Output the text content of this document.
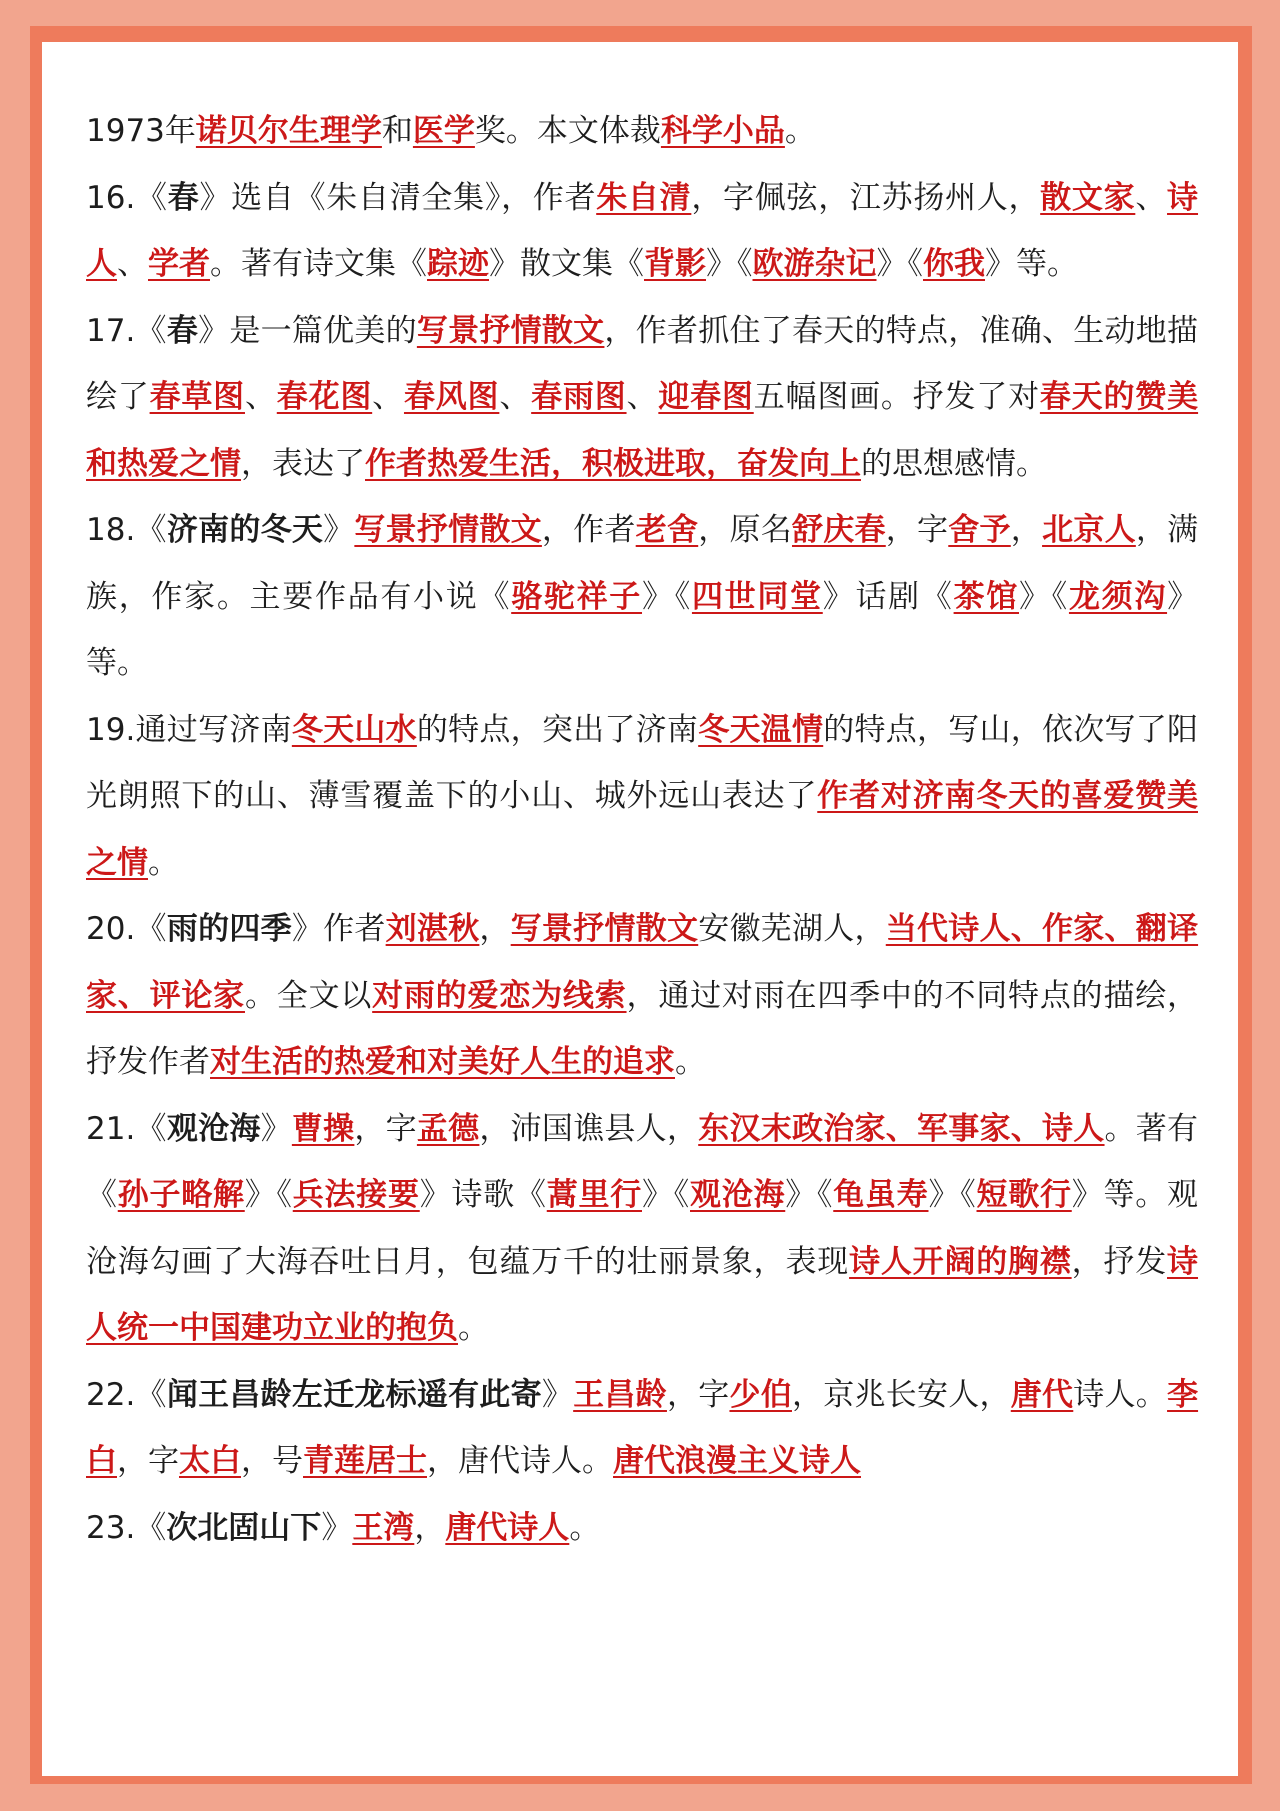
1973年诺贝尔生理学和医学奖。本文体裁科学小品。

16.《春》选自《朱自清全集》，作者朱自清，字佩弦，江苏扬州人，散文家、诗人、学者。著有诗文集《踪迹》散文集《背影》《欧游杂记》《你我》等。

17.《春》是一篇优美的写景抒情散文，作者抓住了春天的特点，准确、生动地描绘了春草图、春花图、春风图、春雨图、迎春图五幅图画。抒发了对春天的赞美和热爱之情，表达了作者热爱生活，积极进取，奋发向上的思想感情。

18.《济南的冬天》写景抒情散文，作者老舍，原名舒庆春，字舍予，北京人，满族，作家。主要作品有小说《骆驼祥子》《四世同堂》话剧《茶馆》《龙须沟》等。

19.通过写济南冬天山水的特点，突出了济南冬天温情的特点，写山，依次写了阳光朗照下的山、薄雪覆盖下的小山、城外远山表达了作者对济南冬天的喜爱赞美之情。

20.《雨的四季》作者刘湛秋，写景抒情散文安徽芜湖人，当代诗人、作家、翻译家、评论家。全文以对雨的爱恋为线索，通过对雨在四季中的不同特点的描绘，抒发作者对生活的热爱和对美好人生的追求。

21.《观沧海》曹操，字孟德，沛国谯县人，东汉末政治家、军事家、诗人。著有《孙子略解》《兵法接要》诗歌《蒿里行》《观沧海》《龟虽寿》《短歌行》等。观沧海勾画了大海吞吐日月，包蕴万千的壮丽景象，表现诗人开阔的胸襟，抒发诗人统一中国建功立业的抱负。

22.《闻王昌龄左迁龙标遥有此寄》王昌龄，字少伯，京兆长安人，唐代诗人。李白，字太白，号青莲居士，唐代诗人。唐代浪漫主义诗人

23.《次北固山下》王湾，唐代诗人。
